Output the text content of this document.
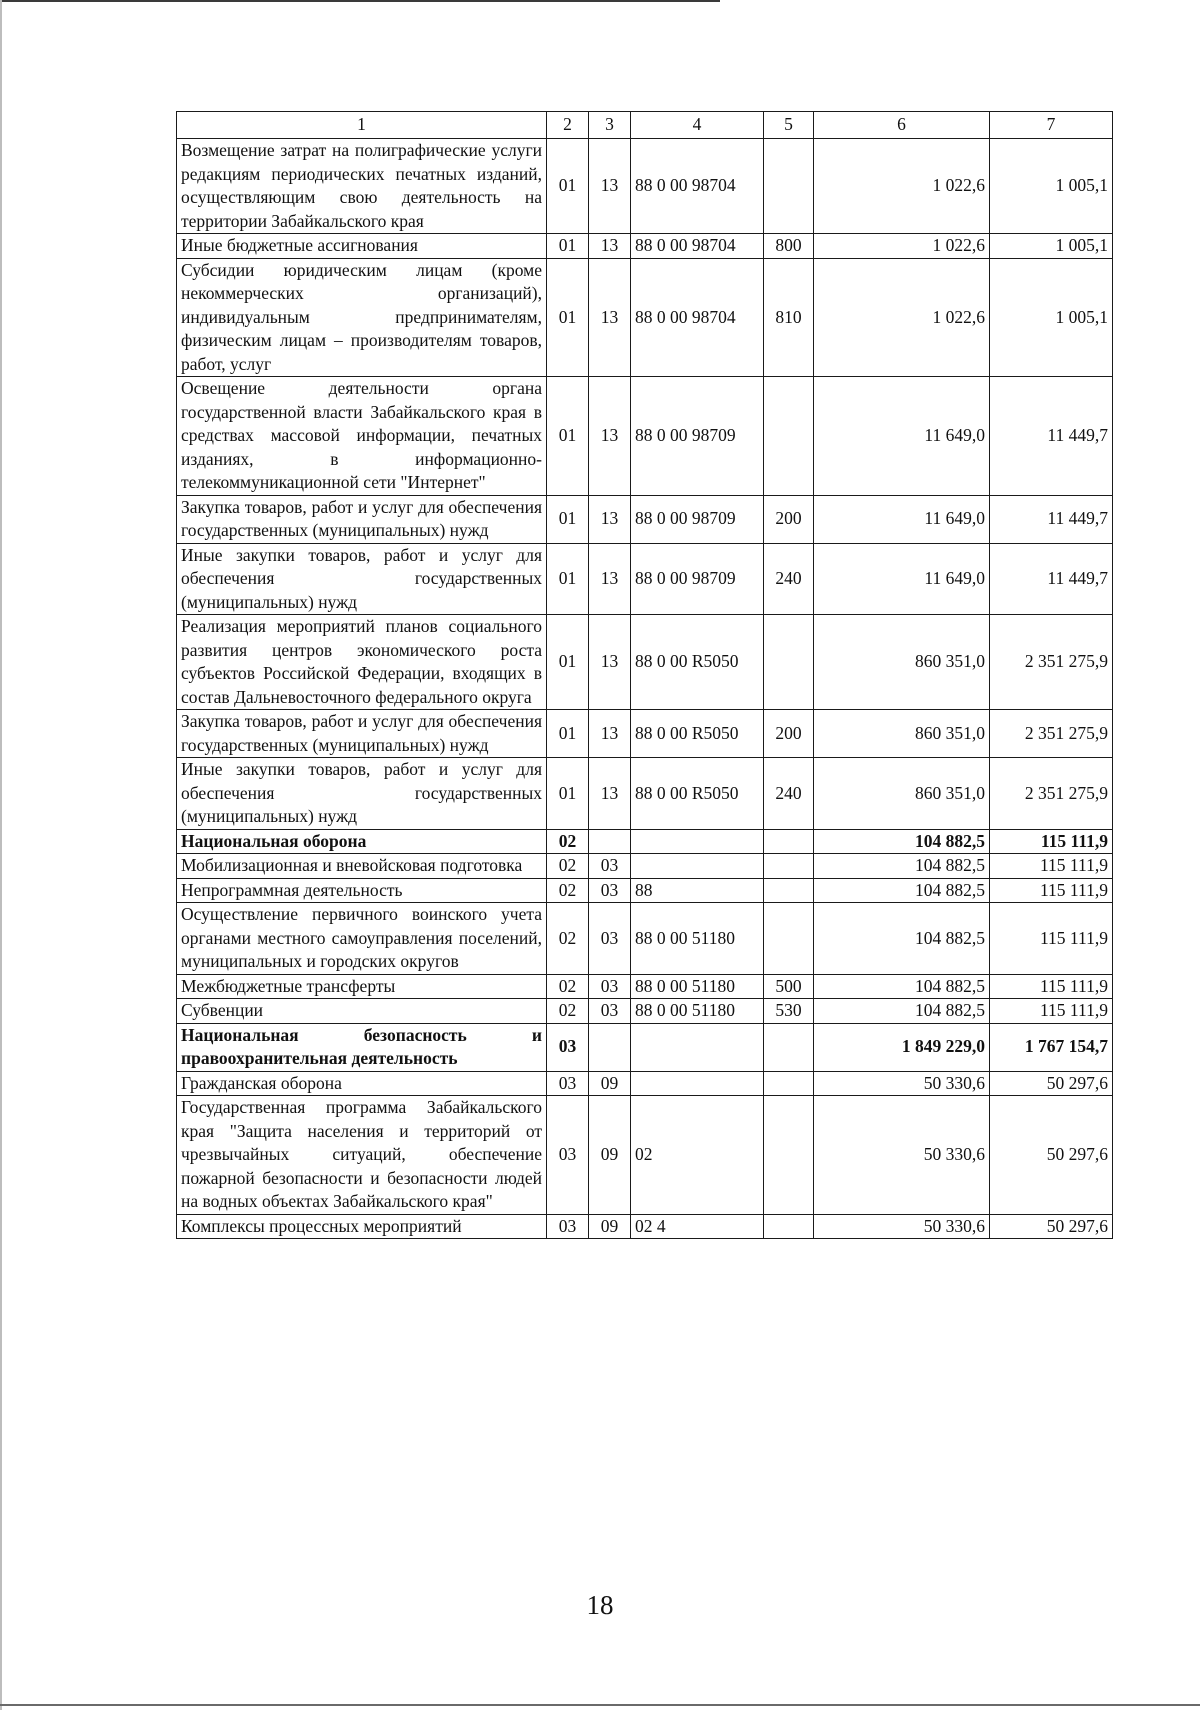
1	2	3	4	5	6	7
Возмещение затрат на полиграфические услуги редакциям периодических печатных изданий, осуществляющим свою деятельность на территории Забайкальского края	01	13	88 0 00 98704		1 022,6	1 005,1
Иные бюджетные ассигнования	01	13	88 0 00 98704	800	1 022,6	1 005,1
Субсидии юридическим лицам (кроме некоммерческих организаций), индивидуальным предпринимателям, физическим лицам – производителям товаров, работ, услуг	01	13	88 0 00 98704	810	1 022,6	1 005,1
Освещение деятельности органа государственной власти Забайкальского края в средствах массовой информации, печатных изданиях, в информационно-телекоммуникационной сети "Интернет"	01	13	88 0 00 98709		11 649,0	11 449,7
Закупка товаров, работ и услуг для обеспечения государственных (муниципальных) нужд	01	13	88 0 00 98709	200	11 649,0	11 449,7
Иные закупки товаров, работ и услуг для обеспечения государственных (муниципальных) нужд	01	13	88 0 00 98709	240	11 649,0	11 449,7
Реализация мероприятий планов социального развития центров экономического роста субъектов Российской Федерации, входящих в состав Дальневосточного федерального округа	01	13	88 0 00 R5050		860 351,0	2 351 275,9
Закупка товаров, работ и услуг для обеспечения государственных (муниципальных) нужд	01	13	88 0 00 R5050	200	860 351,0	2 351 275,9
Иные закупки товаров, работ и услуг для обеспечения государственных (муниципальных) нужд	01	13	88 0 00 R5050	240	860 351,0	2 351 275,9
Национальная оборона	02				104 882,5	115 111,9
Мобилизационная и вневойсковая подготовка	02	03			104 882,5	115 111,9
Непрограммная деятельность	02	03	88		104 882,5	115 111,9
Осуществление первичного воинского учета органами местного самоуправления поселений, муниципальных и городских округов	02	03	88 0 00 51180		104 882,5	115 111,9
Межбюджетные трансферты	02	03	88 0 00 51180	500	104 882,5	115 111,9
Субвенции	02	03	88 0 00 51180	530	104 882,5	115 111,9
Национальная безопасность и правоохранительная деятельность	03				1 849 229,0	1 767 154,7
Гражданская оборона	03	09			50 330,6	50 297,6
Государственная программа Забайкальского края "Защита населения и территорий от чрезвычайных ситуаций, обеспечение пожарной безопасности и безопасности людей на водных объектах Забайкальского края"	03	09	02		50 330,6	50 297,6
Комплексы процессных мероприятий	03	09	02 4		50 330,6	50 297,6
18
